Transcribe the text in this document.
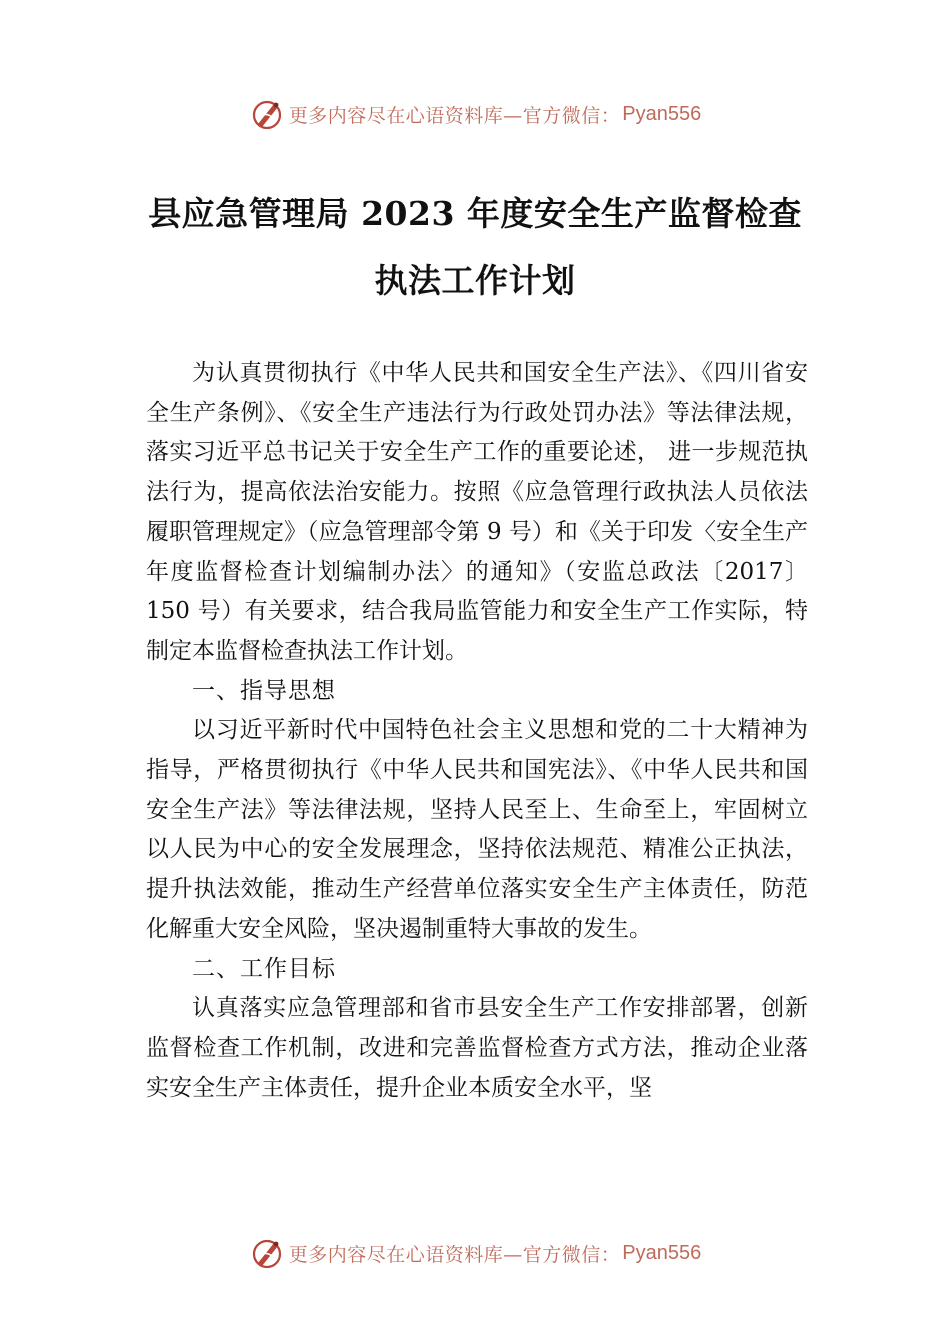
更多内容尽在心语资料库—官方微信： Pyan556
县应急管理局 2023 年度安全生产监督检查
执法工作计划

为认真贯彻执行《中华人民共和国安全生产法》、《四川省安全生产条例》、《安全生产违法行为行政处罚办法》等法律法规，落实习近平总书记关于安全生产工作的重要论述， 进一步规范执法行为，提高依法治安能力。按照《应急管理行政执法人员依法履职管理规定》（应急管理部令第 9 号）和《关于印发〈安全生产年度监督检查计划编制办法〉的通知》（安监总政法〔2017〕150 号）有关要求，结合我局监管能力和安全生产工作实际，特制定本监督检查执法工作计划。

一、指导思想

以习近平新时代中国特色社会主义思想和党的二十大精神为指导，严格贯彻执行《中华人民共和国宪法》、《中华人民共和国安全生产法》等法律法规，坚持人民至上、生命至上，牢固树立以人民为中心的安全发展理念，坚持依法规范、精准公正执法，提升执法效能，推动生产经营单位落实安全生产主体责任，防范化解重大安全风险，坚决遏制重特大事故的发生。

二、工作目标

认真落实应急管理部和省市县安全生产工作安排部署，创新监督检查工作机制，改进和完善监督检查方式方法，推动企业落实安全生产主体责任，提升企业本质安全水平，坚

更多内容尽在心语资料库—官方微信： Pyan556
